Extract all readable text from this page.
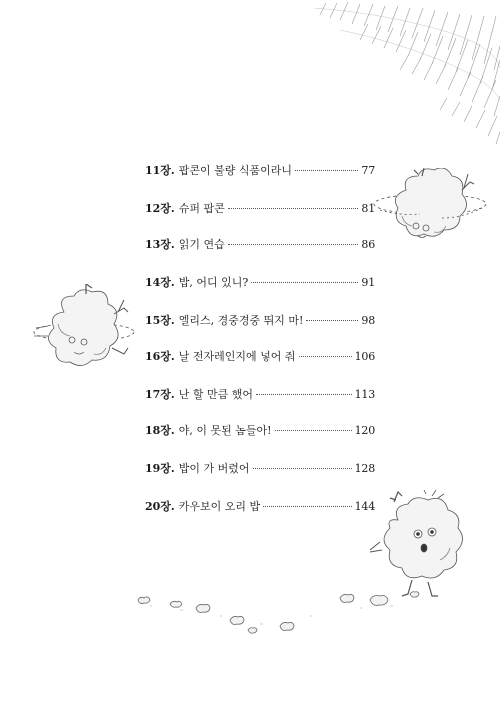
11장. 팝콘이 불량 식품이라니	77
12장. 슈퍼 팝콘	81
13장. 읽기 연습	86
14장. 밥, 어디 있니?	91
15장. 엘리스, 경중경중 뛰지 마!	98
16장. 날 전자레인지에 넣어 줘	106
17장. 난 할 만큼 했어	113
18장. 야, 이 못된 놈들아!	120
19장. 밥이 가 버렸어	128
20장. 카우보이 오리 밥	144
